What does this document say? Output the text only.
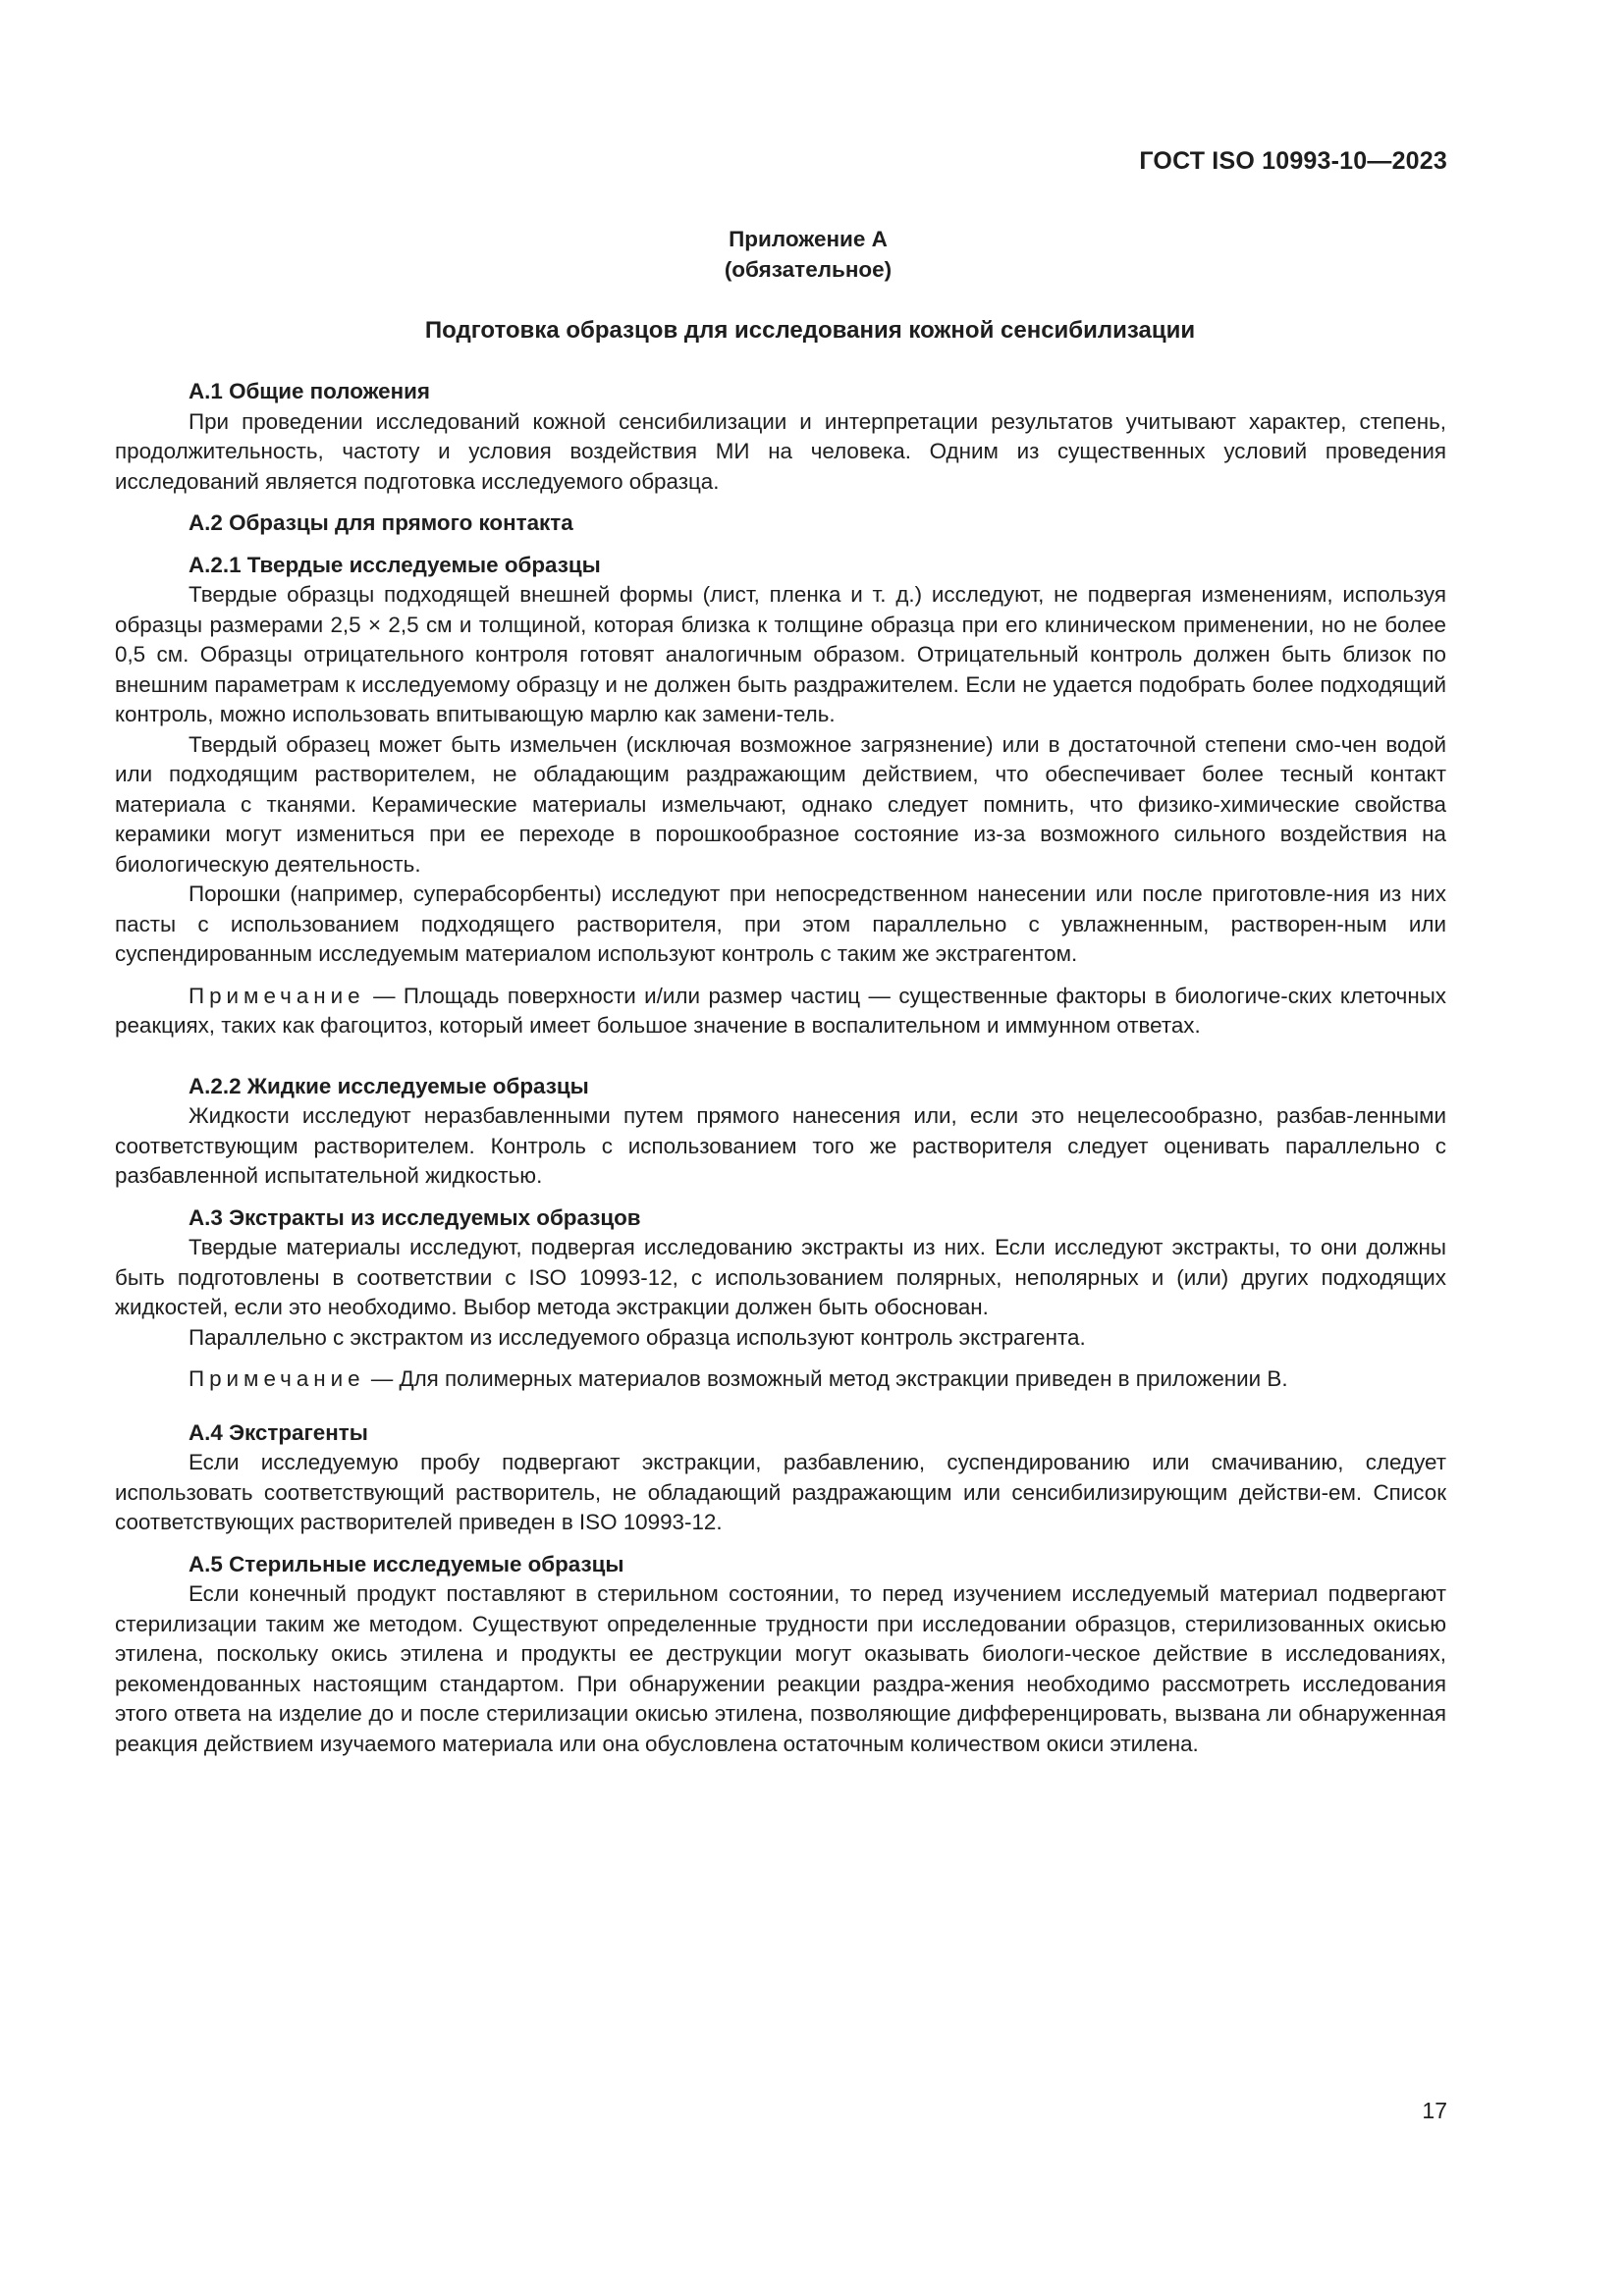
ГОСТ ISO 10993-10—2023
Приложение А
(обязательное)
Подготовка образцов для исследования кожной сенсибилизации
А.1 Общие положения

При проведении исследований кожной сенсибилизации и интерпретации результатов учитывают характер, степень, продолжительность, частоту и условия воздействия МИ на человека. Одним из существенных условий проведения исследований является подготовка исследуемого образца.

А.2 Образцы для прямого контакта
А.2.1 Твердые исследуемые образцы

Твердые образцы подходящей внешней формы (лист, пленка и т. д.) исследуют, не подвергая изменениям, используя образцы размерами 2,5 × 2,5 см и толщиной, которая близка к толщине образца при его клиническом применении, но не более 0,5 см. Образцы отрицательного контроля готовят аналогичным образом. Отрицательный контроль должен быть близок по внешним параметрам к исследуемому образцу и не должен быть раздражителем. Если не удается подобрать более подходящий контроль, можно использовать впитывающую марлю как замени-тель.

Твердый образец может быть измельчен (исключая возможное загрязнение) или в достаточной степени смо-чен водой или подходящим растворителем, не обладающим раздражающим действием, что обеспечивает более тесный контакт материала с тканями. Керамические материалы измельчают, однако следует помнить, что физико-химические свойства керамики могут измениться при ее переходе в порошкообразное состояние из-за возможного сильного воздействия на биологическую деятельность.

Порошки (например, суперабсорбенты) исследуют при непосредственном нанесении или после приготовле-ния из них пасты с использованием подходящего растворителя, при этом параллельно с увлажненным, растворен-ным или суспендированным исследуемым материалом используют контроль с таким же экстрагентом.

Примечание — Площадь поверхности и/или размер частиц — существенные факторы в биологиче-ских клеточных реакциях, таких как фагоцитоз, который имеет большое значение в воспалительном и иммунном ответах.

А.2.2 Жидкие исследуемые образцы

Жидкости исследуют неразбавленными путем прямого нанесения или, если это нецелесообразно, разбав-ленными соответствующим растворителем. Контроль с использованием того же растворителя следует оценивать параллельно с разбавленной испытательной жидкостью.

А.3 Экстракты из исследуемых образцов

Твердые материалы исследуют, подвергая исследованию экстракты из них. Если исследуют экстракты, то они должны быть подготовлены в соответствии с ISO 10993-12, с использованием полярных, неполярных и (или) других подходящих жидкостей, если это необходимо. Выбор метода экстракции должен быть обоснован.

Параллельно с экстрактом из исследуемого образца используют контроль экстрагента.

Примечание — Для полимерных материалов возможный метод экстракции приведен в приложении В.

А.4 Экстрагенты

Если исследуемую пробу подвергают экстракции, разбавлению, суспендированию или смачиванию, следует использовать соответствующий растворитель, не обладающий раздражающим или сенсибилизирующим действи-ем. Список соответствующих растворителей приведен в ISO 10993-12.

А.5 Стерильные исследуемые образцы

Если конечный продукт поставляют в стерильном состоянии, то перед изучением исследуемый материал подвергают стерилизации таким же методом. Существуют определенные трудности при исследовании образцов, стерилизованных окисью этилена, поскольку окись этилена и продукты ее деструкции могут оказывать биологи-ческое действие в исследованиях, рекомендованных настоящим стандартом. При обнаружении реакции раздра-жения необходимо рассмотреть исследования этого ответа на изделие до и после стерилизации окисью этилена, позволяющие дифференцировать, вызвана ли обнаруженная реакция действием изучаемого материала или она обусловлена остаточным количеством окиси этилена.

17
